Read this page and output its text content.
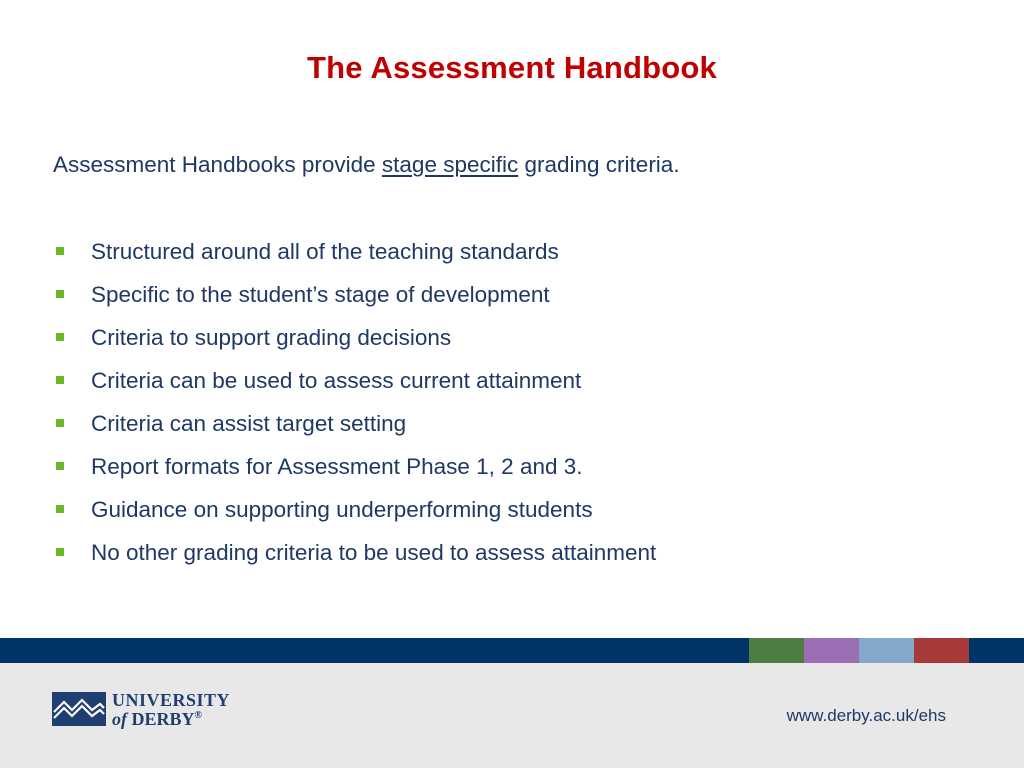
The Assessment Handbook
Assessment Handbooks provide stage specific grading criteria.
Structured around all of the teaching standards
Specific to the student’s stage of development
Criteria to support grading decisions
Criteria can be used to assess current attainment
Criteria can assist target setting
Report formats for Assessment Phase 1, 2 and 3.
Guidance on supporting underperforming students
No other grading criteria to be used to assess attainment
UNIVERSITY
of DERBY®	www.derby.ac.uk/ehs
